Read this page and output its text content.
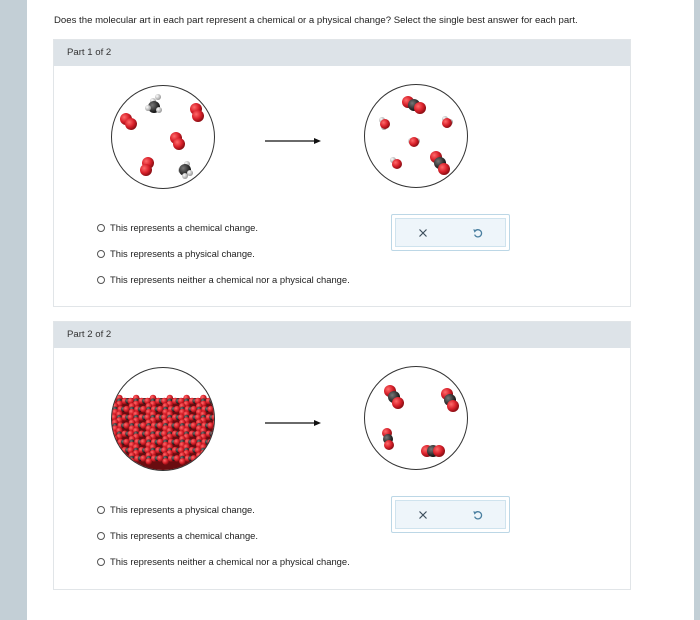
Does the molecular art in each part represent a chemical or a physical change? Select the single best answer for each part.
Part 1 of 2
This represents a chemical change.
This represents a physical change.
This represents neither a chemical nor a physical change.
Part 2 of 2
This represents a physical change.
This represents a chemical change.
This represents neither a chemical nor a physical change.
